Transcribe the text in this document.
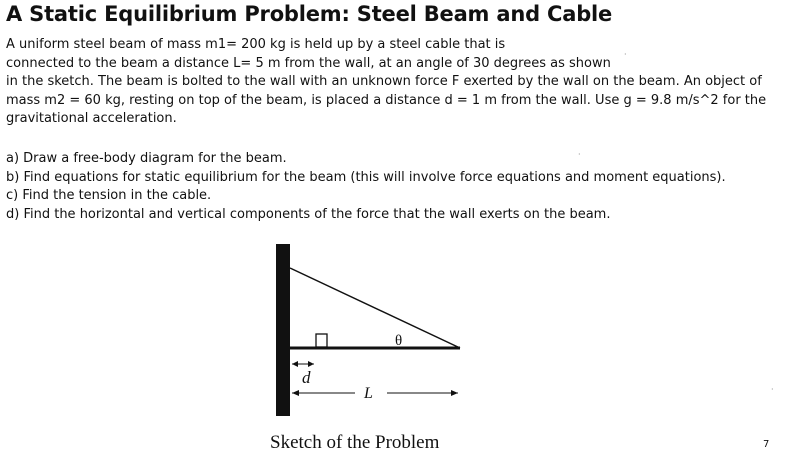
A Static Equilibrium Problem: Steel Beam and Cable
A uniform steel beam of mass m1= 200 kg is held up by a steel cable that is
connected to the beam a distance L= 5 m from the wall, at an angle of 30 degrees as shown
in the sketch. The beam is bolted to the wall with an unknown force F exerted by the wall on the beam. An object of
mass m2 = 60 kg, resting on top of the beam, is placed a distance d = 1 m from the wall. Use g = 9.8 m/s^2 for the
gravitational acceleration.
a) Draw a free-body diagram for the beam.
b) Find equations for static equilibrium for the beam (this will involve force equations and moment equations).
c) Find the tension in the cable.
d) Find the horizontal and vertical components of the force that the wall exerts on the beam.
θ
d
L
Sketch of the Problem	7
·
·
·
